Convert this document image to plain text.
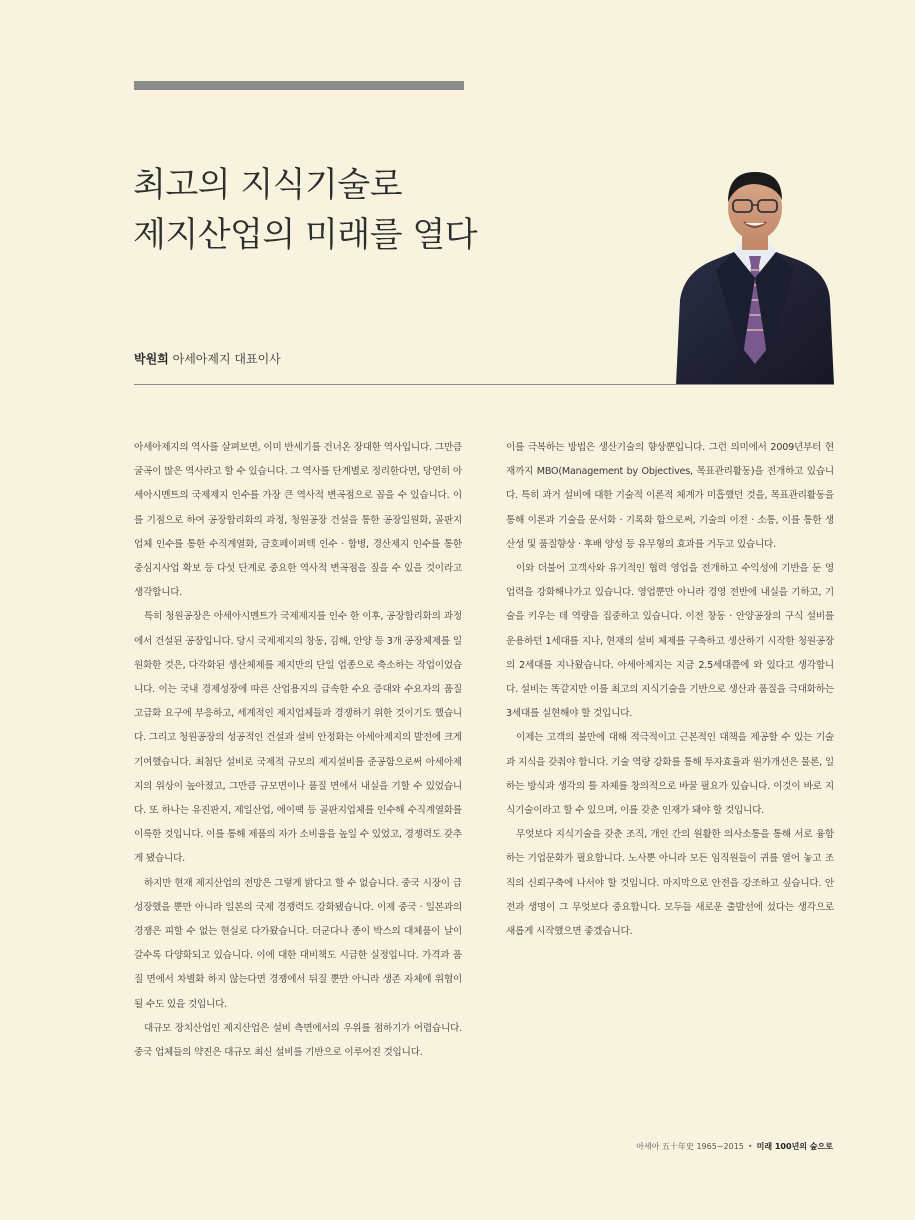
최고의 지식기술로
제지산업의 미래를 열다
박원희 아세아제지 대표이사

아세아제지의 역사를 살펴보면, 이미 반세기를 건너온 장대한 역사입니다. 그만큼 굴곡이 많은 역사라고 할 수 있습니다. 그 역사를 단계별로 정리한다면, 당연히 아세아시멘트의 국제제지 인수를 가장 큰 역사적 변곡점으로 꼽을 수 있습니다. 이를 기점으로 하여 공장합리화의 과정, 청원공장 건설을 통한 공장일원화, 골판지업체 인수를 통한 수직계열화, 금호페이퍼텍 인수 · 합병, 경산제지 인수를 통한 중심지사업 확보 등 다섯 단계로 중요한 역사적 변곡점을 짚을 수 있을 것이라고 생각합니다.

특히 청원공장은 아세아시멘트가 국제제지를 인수 한 이후, 공장합리화의 과정에서 건설된 공장입니다. 당시 국제제지의 창동, 김해, 안양 등 3개 공장체제를 일원화한 것은, 다각화된 생산체제를 제지만의 단일 업종으로 축소하는 작업이었습니다. 이는 국내 경제성장에 따른 산업용지의 급속한 수요 증대와 수요자의 품질 고급화 요구에 부응하고, 세계적인 제지업체들과 경쟁하기 위한 것이기도 했습니다. 그리고 청원공장의 성공적인 건설과 설비 안정화는 아세아제지의 발전에 크게 기여했습니다. 최첨단 설비로 국제적 규모의 제지설비를 준공함으로써 아세아제지의 위상이 높아졌고, 그만큼 규모면이나 품질 면에서 내실을 기할 수 있었습니다. 또 하나는 유진판지, 제일산업, 에이팩 등 골판지업체를 인수해 수직계열화를 이룩한 것입니다. 이를 통해 제품의 자가 소비율을 높일 수 있었고, 경쟁력도 갖추게 됐습니다.

하지만 현재 제지산업의 전망은 그렇게 밝다고 할 수 없습니다. 중국 시장이 급성장했을 뿐만 아니라 일본의 국제 경쟁력도 강화됐습니다. 이제 중국 · 일본과의 경쟁은 피할 수 없는 현실로 다가왔습니다. 더군다나 종이 박스의 대체품이 날이 갈수록 다양화되고 있습니다. 이에 대한 대비책도 시급한 실정입니다. 가격과 품질 면에서 차별화 하지 않는다면 경쟁에서 뒤질 뿐만 아니라 생존 자체에 위협이 될 수도 있을 것입니다.

대규모 장치산업인 제지산업은 설비 측면에서의 우위를 점하기가 어렵습니다. 중국 업체들의 약진은 대규모 최신 설비를 기반으로 이루어진 것입니다.

이를 극복하는 방법은 생산기술의 향상뿐입니다. 그런 의미에서 2009년부터 현재까지 MBO(Management by Objectives, 목표관리활동)을 전개하고 있습니다. 특히 과거 설비에 대한 기술적 이론적 체계가 미흡했던 것을, 목표관리활동을 통해 이론과 기술을 문서화 · 기록화 함으로써, 기술의 이전 · 소통, 이를 통한 생산성 및 품질향상 · 후배 양성 등 유무형의 효과를 거두고 있습니다.

이와 더불어 고객사와 유기적인 협력 영업을 전개하고 수익성에 기반을 둔 영업력을 강화해나가고 있습니다. 영업뿐만 아니라 경영 전반에 내실을 기하고, 기술을 키우는 데 역량을 집중하고 있습니다. 이전 창동 · 안양공장의 구식 설비를 운용하던 1세대를 지나, 현재의 설비 체제를 구축하고 생산하기 시작한 청원공장의 2세대를 지나왔습니다. 아세아제지는 지금 2.5세대쯤에 와 있다고 생각합니다. 설비는 똑같지만 이를 최고의 지식기술을 기반으로 생산과 품질을 극대화하는 3세대를 실현해야 할 것입니다.

이제는 고객의 불만에 대해 적극적이고 근본적인 대책을 제공할 수 있는 기술과 지식을 갖춰야 합니다. 기술 역량 강화를 통해 투자효율과 원가개선은 물론, 일하는 방식과 생각의 틀 자체를 창의적으로 바꿀 필요가 있습니다. 이것이 바로 지식기술이라고 할 수 있으며, 이를 갖춘 인재가 돼야 할 것입니다.

무엇보다 지식기술을 갖춘 조직, 개인 간의 원활한 의사소통을 통해 서로 융합하는 기업문화가 필요합니다. 노사뿐 아니라 모든 임직원들이 귀를 열어 놓고 조직의 신뢰구축에 나서야 할 것입니다. 마지막으로 안전을 강조하고 싶습니다. 안전과 생명이 그 무엇보다 중요합니다. 모두들 새로운 출발선에 섰다는 생각으로 새롭게 시작했으면 좋겠습니다.

아세아 五十年史 1965~2015 • 미래 100년의 숲으로
